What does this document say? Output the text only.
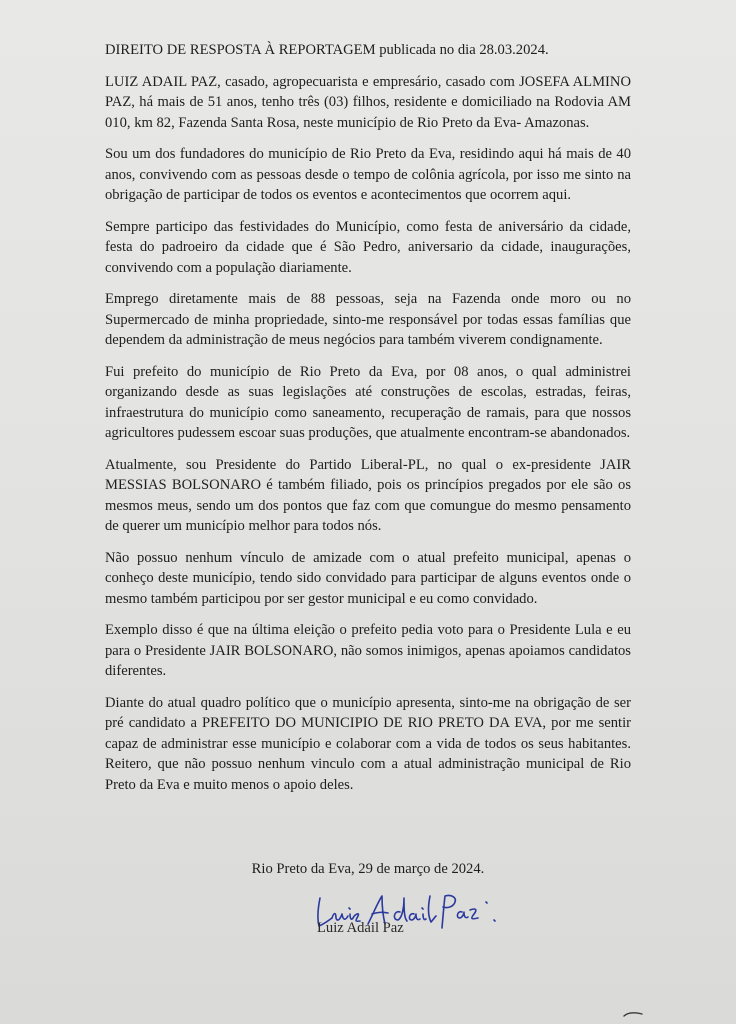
DIREITO DE RESPOSTA À REPORTAGEM publicada no dia 28.03.2024.

LUIZ ADAIL PAZ, casado, agropecuarista e empresário, casado com JOSEFA ALMINO PAZ, há mais de 51 anos, tenho três (03) filhos, residente e domiciliado na Rodovia AM 010, km 82, Fazenda Santa Rosa, neste município de Rio Preto da Eva- Amazonas.

Sou um dos fundadores do município de Rio Preto da Eva, residindo aqui há mais de 40 anos, convivendo com as pessoas desde o tempo de colônia agrícola, por isso me sinto na obrigação de participar de todos os eventos e acontecimentos que ocorrem aqui.

Sempre participo das festividades do Município, como festa de aniversário da cidade, festa do padroeiro da cidade que é São Pedro, aniversario da cidade, inaugurações, convivendo com a população diariamente.

Emprego diretamente mais de 88 pessoas, seja na Fazenda onde moro ou no Supermercado de minha propriedade, sinto-me responsável por todas essas famílias que dependem da administração de meus negócios para também viverem condignamente.

Fui prefeito do município de Rio Preto da Eva, por 08 anos, o qual administrei organizando desde as suas legislações até construções de escolas, estradas, feiras, infraestrutura do município como saneamento, recuperação de ramais, para que nossos agricultores pudessem escoar suas produções, que atualmente encontram-se abandonados.

Atualmente, sou Presidente do Partido Liberal-PL, no qual o ex-presidente JAIR MESSIAS BOLSONARO é também filiado, pois os princípios pregados por ele são os mesmos meus, sendo um dos pontos que faz com que comungue do mesmo pensamento de querer um município melhor para todos nós.

Não possuo nenhum vínculo de amizade com o atual prefeito municipal, apenas o conheço deste município, tendo sido convidado para participar de alguns eventos onde o mesmo também participou por ser gestor municipal e eu como convidado.

Exemplo disso é que na última eleição o prefeito pedia voto para o Presidente Lula e eu para o Presidente JAIR BOLSONARO, não somos inimigos, apenas apoiamos candidatos diferentes.

Diante do atual quadro político que o município apresenta, sinto-me na obrigação de ser pré candidato a PREFEITO DO MUNICIPIO DE RIO PRETO DA EVA, por me sentir capaz de administrar esse município e colaborar com a vida de todos os seus habitantes. Reitero, que não possuo nenhum vinculo com a atual administração municipal de Rio Preto da Eva e muito menos o apoio deles.

Rio Preto da Eva, 29 de março de 2024.
Luiz Adail Paz
